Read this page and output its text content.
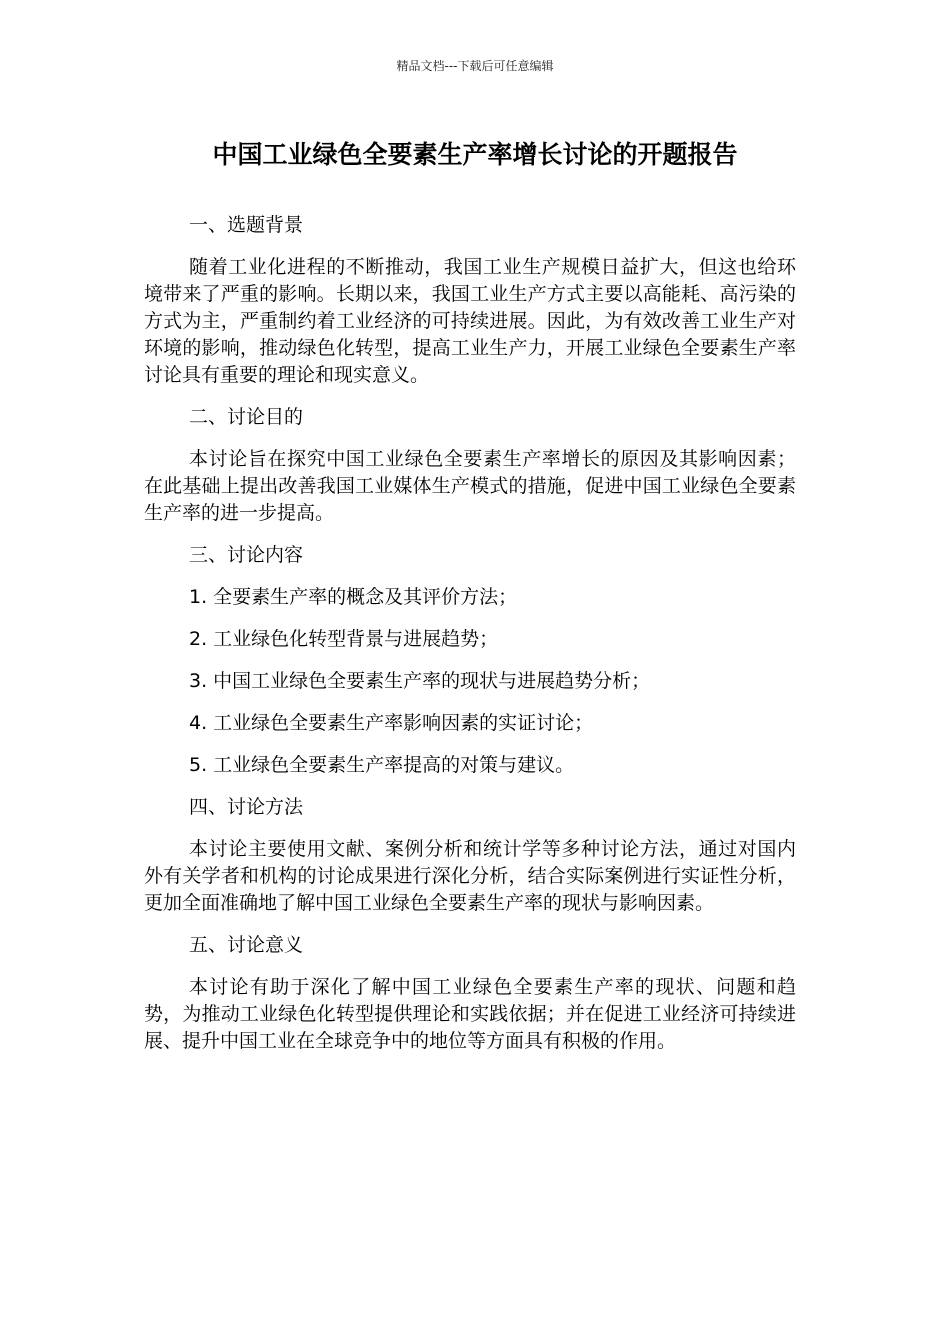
精品文档---下载后可任意编辑
中国工业绿色全要素生产率增长讨论的开题报告

一、选题背景

随着工业化进程的不断推动，我国工业生产规模日益扩大，但这也给环境带来了严重的影响。长期以来，我国工业生产方式主要以高能耗、高污染的方式为主，严重制约着工业经济的可持续进展。因此，为有效改善工业生产对环境的影响，推动绿色化转型，提高工业生产力，开展工业绿色全要素生产率讨论具有重要的理论和现实意义。

二、讨论目的

本讨论旨在探究中国工业绿色全要素生产率增长的原因及其影响因素；在此基础上提出改善我国工业媒体生产模式的措施，促进中国工业绿色全要素生产率的进一步提高。

三、讨论内容

1. 全要素生产率的概念及其评价方法；

2. 工业绿色化转型背景与进展趋势；

3. 中国工业绿色全要素生产率的现状与进展趋势分析；

4. 工业绿色全要素生产率影响因素的实证讨论；

5. 工业绿色全要素生产率提高的对策与建议。

四、讨论方法

本讨论主要使用文献、案例分析和统计学等多种讨论方法，通过对国内外有关学者和机构的讨论成果进行深化分析，结合实际案例进行实证性分析，更加全面准确地了解中国工业绿色全要素生产率的现状与影响因素。

五、讨论意义

本讨论有助于深化了解中国工业绿色全要素生产率的现状、问题和趋势，为推动工业绿色化转型提供理论和实践依据；并在促进工业经济可持续进展、提升中国工业在全球竞争中的地位等方面具有积极的作用。
